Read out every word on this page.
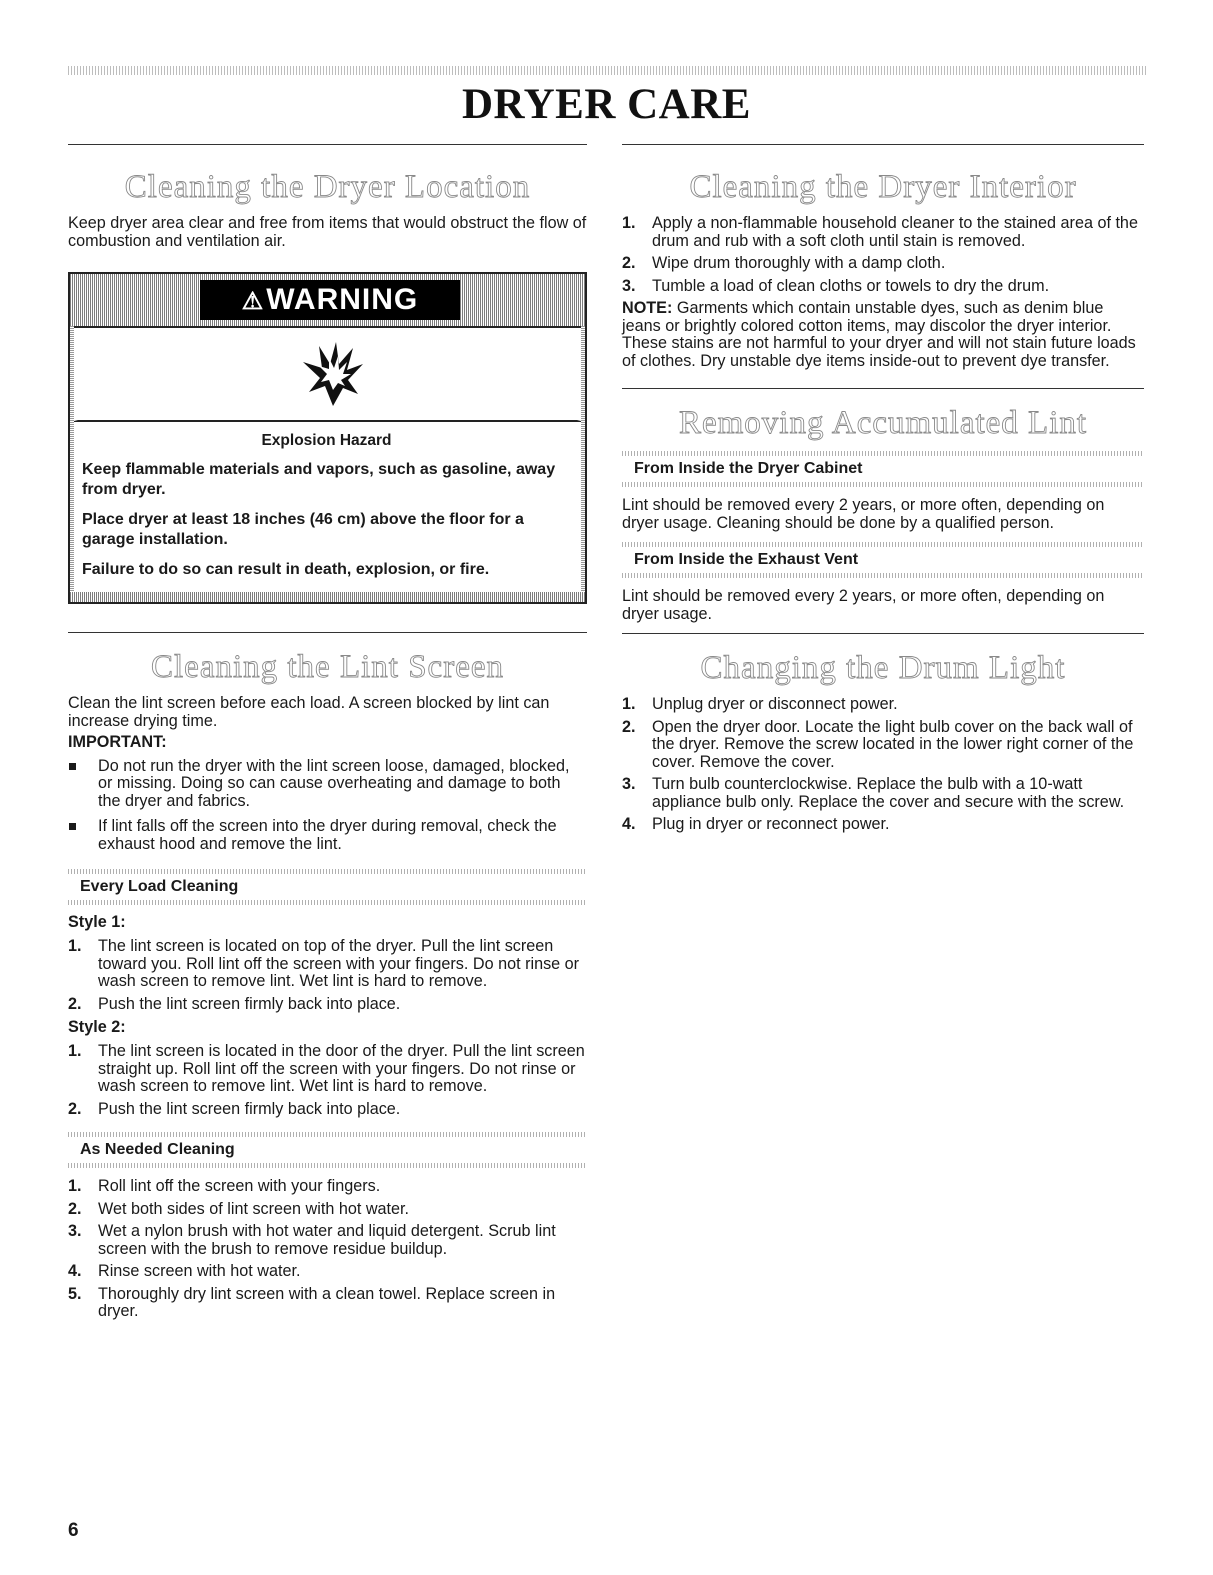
DRYER CARE
Cleaning the Dryer Location

Keep dryer area clear and free from items that would obstruct the flow of combustion and ventilation air.

⚠WARNING
Explosion Hazard
Keep flammable materials and vapors, such as gasoline, away from dryer.
Place dryer at least 18 inches (46 cm) above the floor for a garage installation.
Failure to do so can result in death, explosion, or fire.
Cleaning the Lint Screen

Clean the lint screen before each load. A screen blocked by lint can increase drying time.

IMPORTANT:

Do not run the dryer with the lint screen loose, damaged, blocked, or missing. Doing so can cause overheating and damage to both the dryer and fabrics.
If lint falls off the screen into the dryer during removal, check the exhaust hood and remove the lint.
Every Load Cleaning
Style 1:
1. The lint screen is located on top of the dryer. Pull the lint screen toward you. Roll lint off the screen with your fingers. Do not rinse or wash screen to remove lint. Wet lint is hard to remove.
2. Push the lint screen firmly back into place.
Style 2:
1. The lint screen is located in the door of the dryer. Pull the lint screen straight up. Roll lint off the screen with your fingers. Do not rinse or wash screen to remove lint. Wet lint is hard to remove.
2. Push the lint screen firmly back into place.
As Needed Cleaning
1. Roll lint off the screen with your fingers.
2. Wet both sides of lint screen with hot water.
3. Wet a nylon brush with hot water and liquid detergent. Scrub lint screen with the brush to remove residue buildup.
4. Rinse screen with hot water.
5. Thoroughly dry lint screen with a clean towel. Replace screen in dryer.
Cleaning the Dryer Interior
1. Apply a non-flammable household cleaner to the stained area of the drum and rub with a soft cloth until stain is removed.
2. Wipe drum thoroughly with a damp cloth.
3. Tumble a load of clean cloths or towels to dry the drum.

NOTE: Garments which contain unstable dyes, such as denim blue jeans or brightly colored cotton items, may discolor the dryer interior. These stains are not harmful to your dryer and will not stain future loads of clothes. Dry unstable dye items inside-out to prevent dye transfer.

Removing Accumulated Lint
From Inside the Dryer Cabinet

Lint should be removed every 2 years, or more often, depending on dryer usage. Cleaning should be done by a qualified person.

From Inside the Exhaust Vent

Lint should be removed every 2 years, or more often, depending on dryer usage.

Changing the Drum Light
1. Unplug dryer or disconnect power.
2. Open the dryer door. Locate the light bulb cover on the back wall of the dryer. Remove the screw located in the lower right corner of the cover. Remove the cover.
3. Turn bulb counterclockwise. Replace the bulb with a 10-watt appliance bulb only. Replace the cover and secure with the screw.
4. Plug in dryer or reconnect power.
6
